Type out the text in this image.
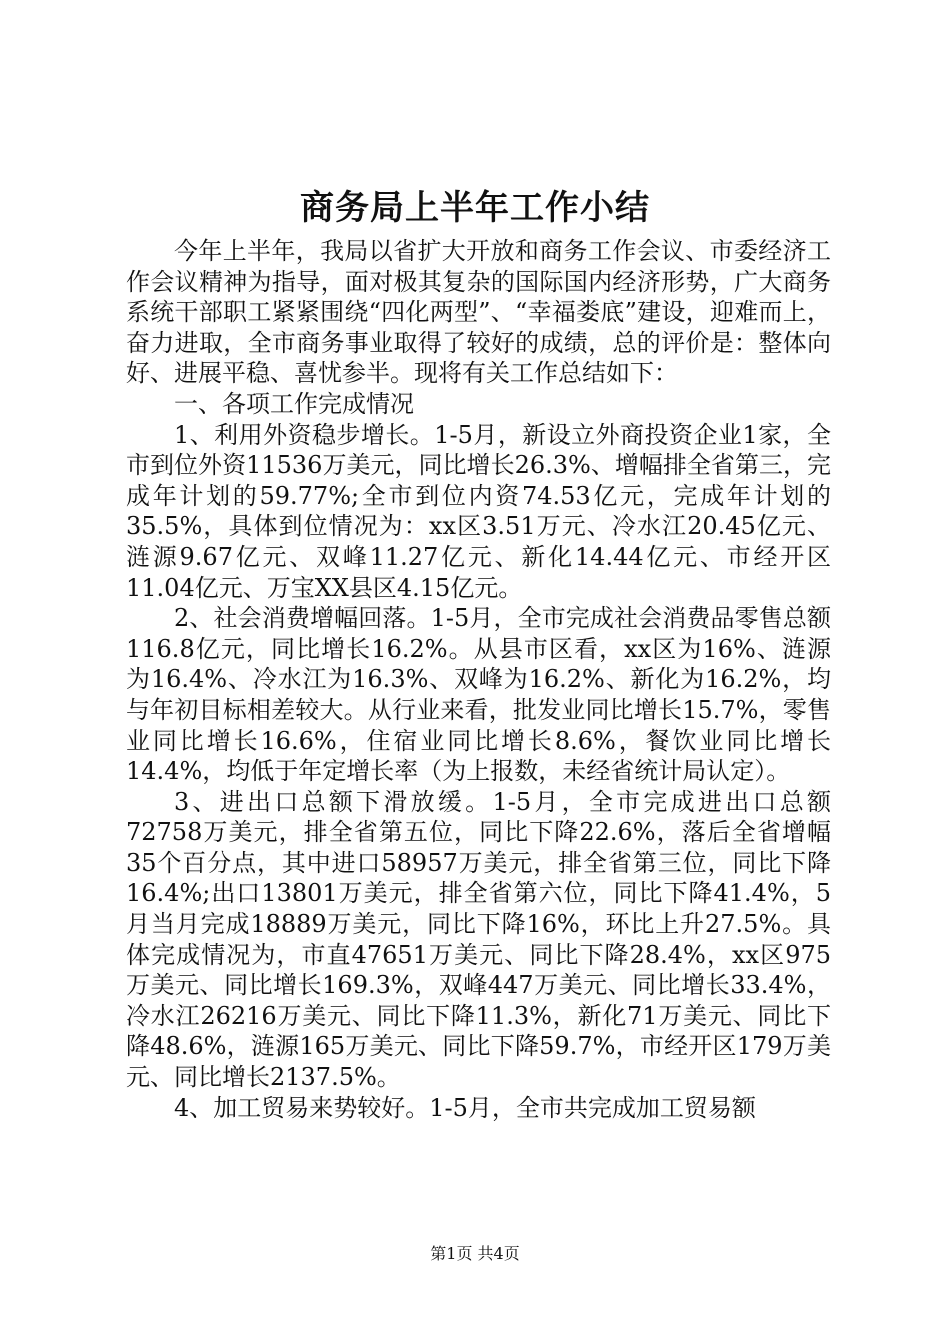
商务局上半年工作小结

今年上半年，我局以省扩大开放和商务工作会议、市委经济工作会议精神为指导，面对极其复杂的国际国内经济形势，广大商务系统干部职工紧紧围绕“四化两型”、“幸福娄底”建设，迎难而上，奋力进取，全市商务事业取得了较好的成绩，总的评价是：整体向好、进展平稳、喜忧参半。现将有关工作总结如下：

一、各项工作完成情况

1、利用外资稳步增长。1-5月，新设立外商投资企业1家，全市到位外资11536万美元，同比增长26.3%、增幅排全省第三，完成年计划的59.77%;全市到位内资74.53亿元，完成年计划的35.5%，具体到位情况为：xx区3.51万元、冷水江20.45亿元、涟源9.67亿元、双峰11.27亿元、新化14.44亿元、市经开区11.04亿元、万宝XX县区4.15亿元。

2、社会消费增幅回落。1-5月，全市完成社会消费品零售总额116.8亿元，同比增长16.2%。从县市区看，xx区为16%、涟源为16.4%、冷水江为16.3%、双峰为16.2%、新化为16.2%，均与年初目标相差较大。从行业来看，批发业同比增长15.7%，零售业同比增长16.6%，住宿业同比增长8.6%，餐饮业同比增长14.4%，均低于年定增长率（为上报数，未经省统计局认定）。

3、进出口总额下滑放缓。1-5月，全市完成进出口总额72758万美元，排全省第五位，同比下降22.6%，落后全省增幅35个百分点，其中进口58957万美元，排全省第三位，同比下降16.4%;出口13801万美元，排全省第六位，同比下降41.4%，5月当月完成18889万美元，同比下降16%，环比上升27.5%。具体完成情况为，市直47651万美元、同比下降28.4%，xx区975万美元、同比增长169.3%，双峰447万美元、同比增长33.4%，冷水江26216万美元、同比下降11.3%，新化71万美元、同比下降48.6%，涟源165万美元、同比下降59.7%，市经开区179万美元、同比增长2137.5%。

4、加工贸易来势较好。1-5月，全市共完成加工贸易额

第1页 共4页
